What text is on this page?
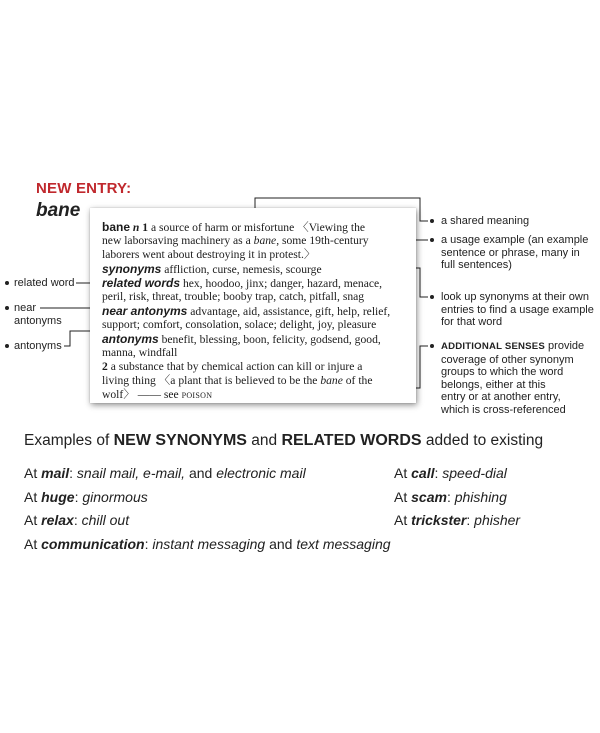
NEW ENTRY:
bane
bane n 1 a source of harm or misfortune 〈Viewing the
new laborsaving machinery as a bane, some 19th-century
laborers went about destroying it in protest.〉
synonyms affliction, curse, nemesis, scourge
related words hex, hoodoo, jinx; danger, hazard, menace,
peril, risk, threat, trouble; booby trap, catch, pitfall, snag
near antonyms advantage, aid, assistance, gift, help, relief,
support; comfort, consolation, solace; delight, joy, pleasure
antonyms benefit, blessing, boon, felicity, godsend, good,
manna, windfall
2 a substance that by chemical action can kill or injure a
living thing 〈a plant that is believed to be the bane of the
wolf〉 —— see poison
related word
near
antonyms
antonyms
a shared meaning
a usage example (an example
sentence or phrase, many in
full sentences)
look up synonyms at their own
entries to find a usage example
for that word
ADDITIONAL SENSES provide
coverage of other synonym
groups to which the word
belongs, either at this
entry or at another entry,
which is cross-referenced
Examples of NEW SYNONYMS and RELATED WORDS added to existing
At mail: snail mail, e-mail, and electronic mail
At huge: ginormous
At relax: chill out
At communication: instant messaging and text messaging
At call: speed-dial
At scam: phishing
At trickster: phisher
